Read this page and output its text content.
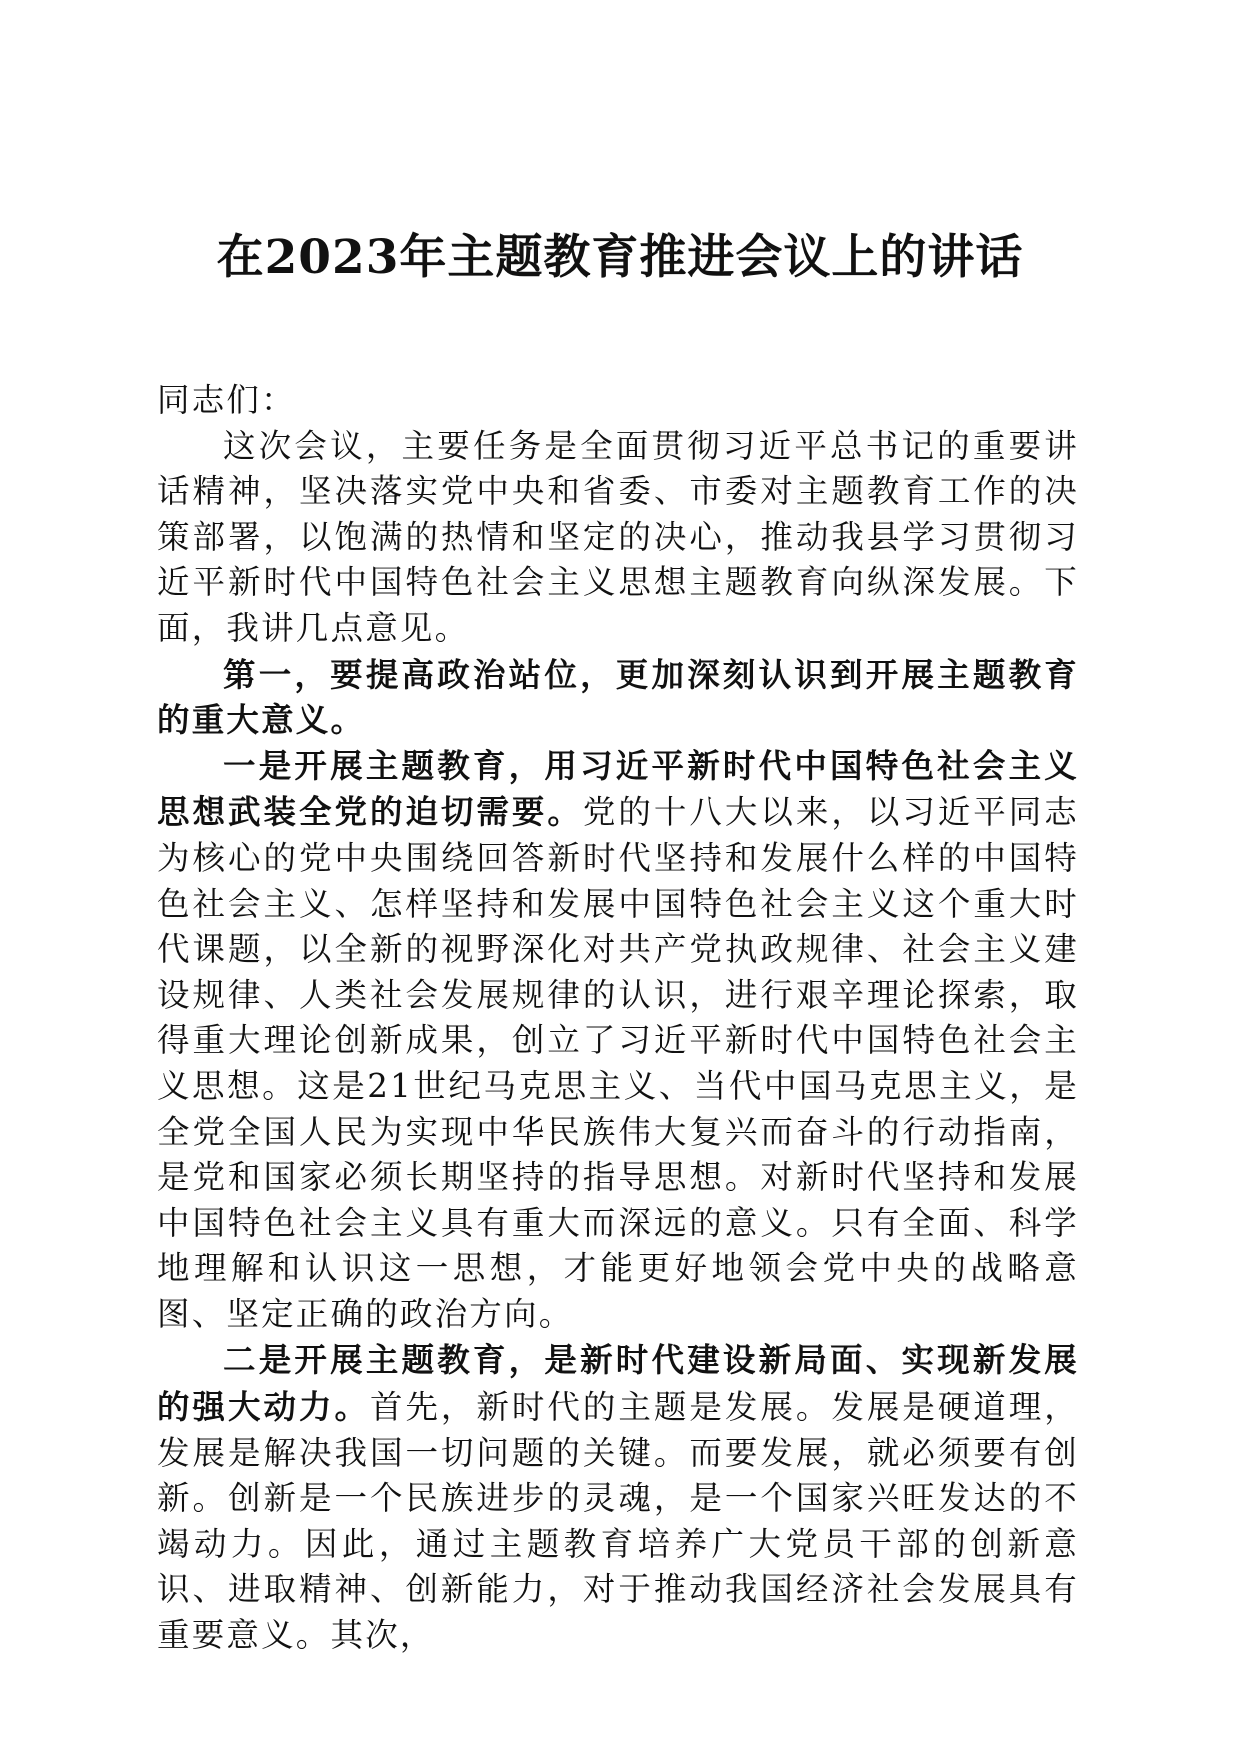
在2023年主题教育推进会议上的讲话

同志们：

这次会议，主要任务是全面贯彻习近平总书记的重要讲话精神，坚决落实党中央和省委、市委对主题教育工作的决策部署，以饱满的热情和坚定的决心，推动我县学习贯彻习近平新时代中国特色社会主义思想主题教育向纵深发展。下面，我讲几点意见。

第一，要提高政治站位，更加深刻认识到开展主题教育的重大意义。

一是开展主题教育，用习近平新时代中国特色社会主义思想武装全党的迫切需要。党的十八大以来，以习近平同志为核心的党中央围绕回答新时代坚持和发展什么样的中国特色社会主义、怎样坚持和发展中国特色社会主义这个重大时代课题，以全新的视野深化对共产党执政规律、社会主义建设规律、人类社会发展规律的认识，进行艰辛理论探索，取得重大理论创新成果，创立了习近平新时代中国特色社会主义思想。这是21世纪马克思主义、当代中国马克思主义，是全党全国人民为实现中华民族伟大复兴而奋斗的行动指南，是党和国家必须长期坚持的指导思想。对新时代坚持和发展中国特色社会主义具有重大而深远的意义。只有全面、科学地理解和认识这一思想，才能更好地领会党中央的战略意图、坚定正确的政治方向。

二是开展主题教育，是新时代建设新局面、实现新发展的强大动力。首先，新时代的主题是发展。发展是硬道理，发展是解决我国一切问题的关键。而要发展，就必须要有创新。创新是一个民族进步的灵魂，是一个国家兴旺发达的不竭动力。因此，通过主题教育培养广大党员干部的创新意识、进取精神、创新能力，对于推动我国经济社会发展具有重要意义。其次，
